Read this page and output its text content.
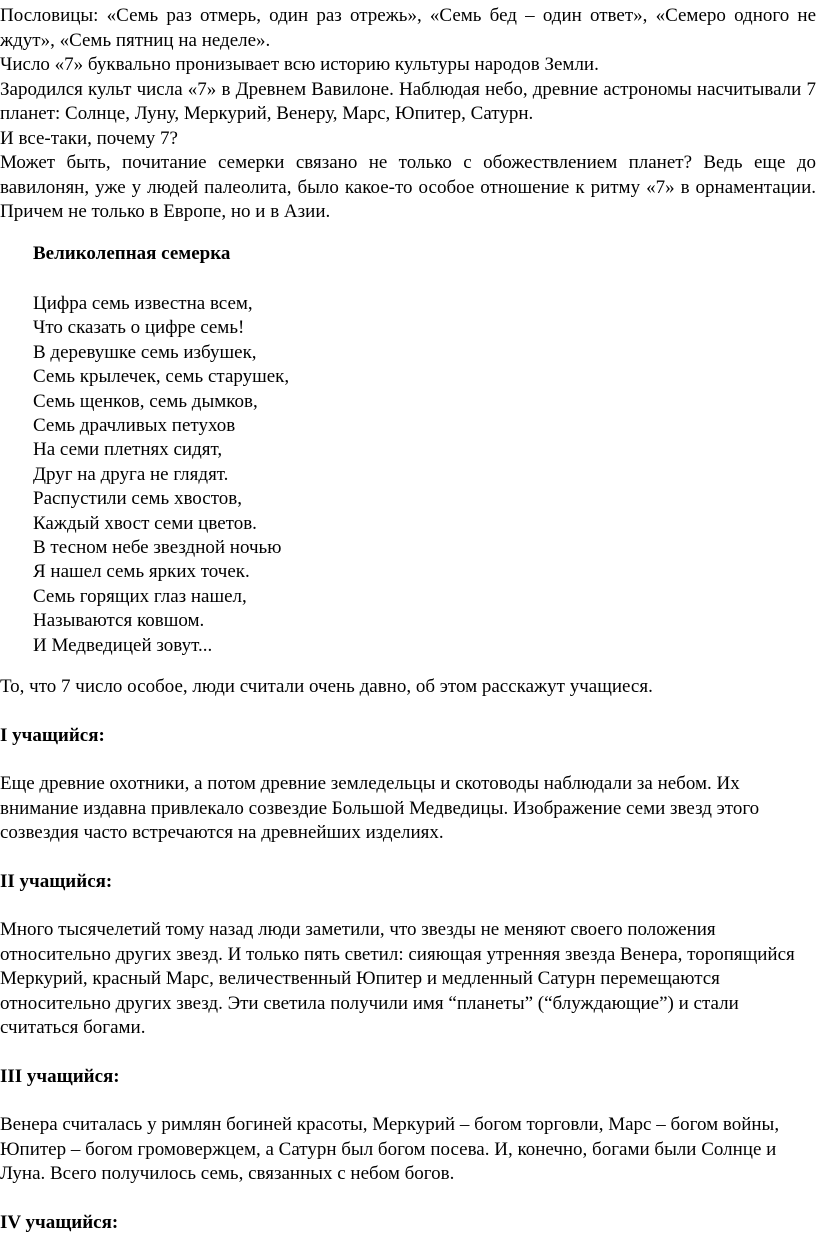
Пословицы: «Семь раз отмерь, один раз отрежь», «Семь бед – один ответ», «Семеро одного не ждут», «Семь пятниц на неделе».

Число «7» буквально пронизывает всю историю культуры народов Земли.

Зародился культ числа «7» в Древнем Вавилоне. Наблюдая небо, древние астрономы насчитывали 7 планет: Солнце, Луну, Меркурий, Венеру, Марс, Юпитер, Сатурн.

И все-таки, почему 7?

Может быть, почитание семерки связано не только с обожествлением планет? Ведь еще до вавилонян, уже у людей палеолита, было какое-то особое отношение к ритму «7» в орнаментации. Причем не только в Европе, но и в Азии.

Великолепная семерка

Цифра семь известна всем,
Что сказать о цифре семь!
В деревушке семь избушек,
Семь крылечек, семь старушек,
Семь щенков, семь дымков,
Семь драчливых петухов
На семи плетнях сидят,
Друг на друга не глядят.
Распустили семь хвостов,
Каждый хвост семи цветов.
В тесном небе звездной ночью
Я нашел семь ярких точек.
Семь горящих глаз нашел,
Называются ковшом.
И Медведицей зовут...

То, что 7 число особое, люди считали очень давно, об этом расскажут учащиеся.

I учащийся:

Еще древние охотники, а потом древние земледельцы и скотоводы наблюдали за небом. Их внимание издавна привлекало созвездие Большой Медведицы. Изображение семи звезд этого созвездия часто встречаются на древнейших изделиях.

II учащийся:

Много тысячелетий тому назад люди заметили, что звезды не меняют своего положения относительно других звезд. И только пять светил: сияющая утренняя звезда Венера, торопящийся Меркурий, красный Марс, величественный Юпитер и медленный Сатурн перемещаются относительно других звезд. Эти светила получили имя “планеты” (“блуждающие”) и стали считаться богами.

III учащийся:

Венера считалась у римлян богиней красоты, Меркурий – богом торговли, Марс – богом войны, Юпитер – богом громовержцем, а Сатурн был богом посева. И, конечно, богами были Солнце и Луна. Всего получилось семь, связанных с небом богов.

IV учащийся:
